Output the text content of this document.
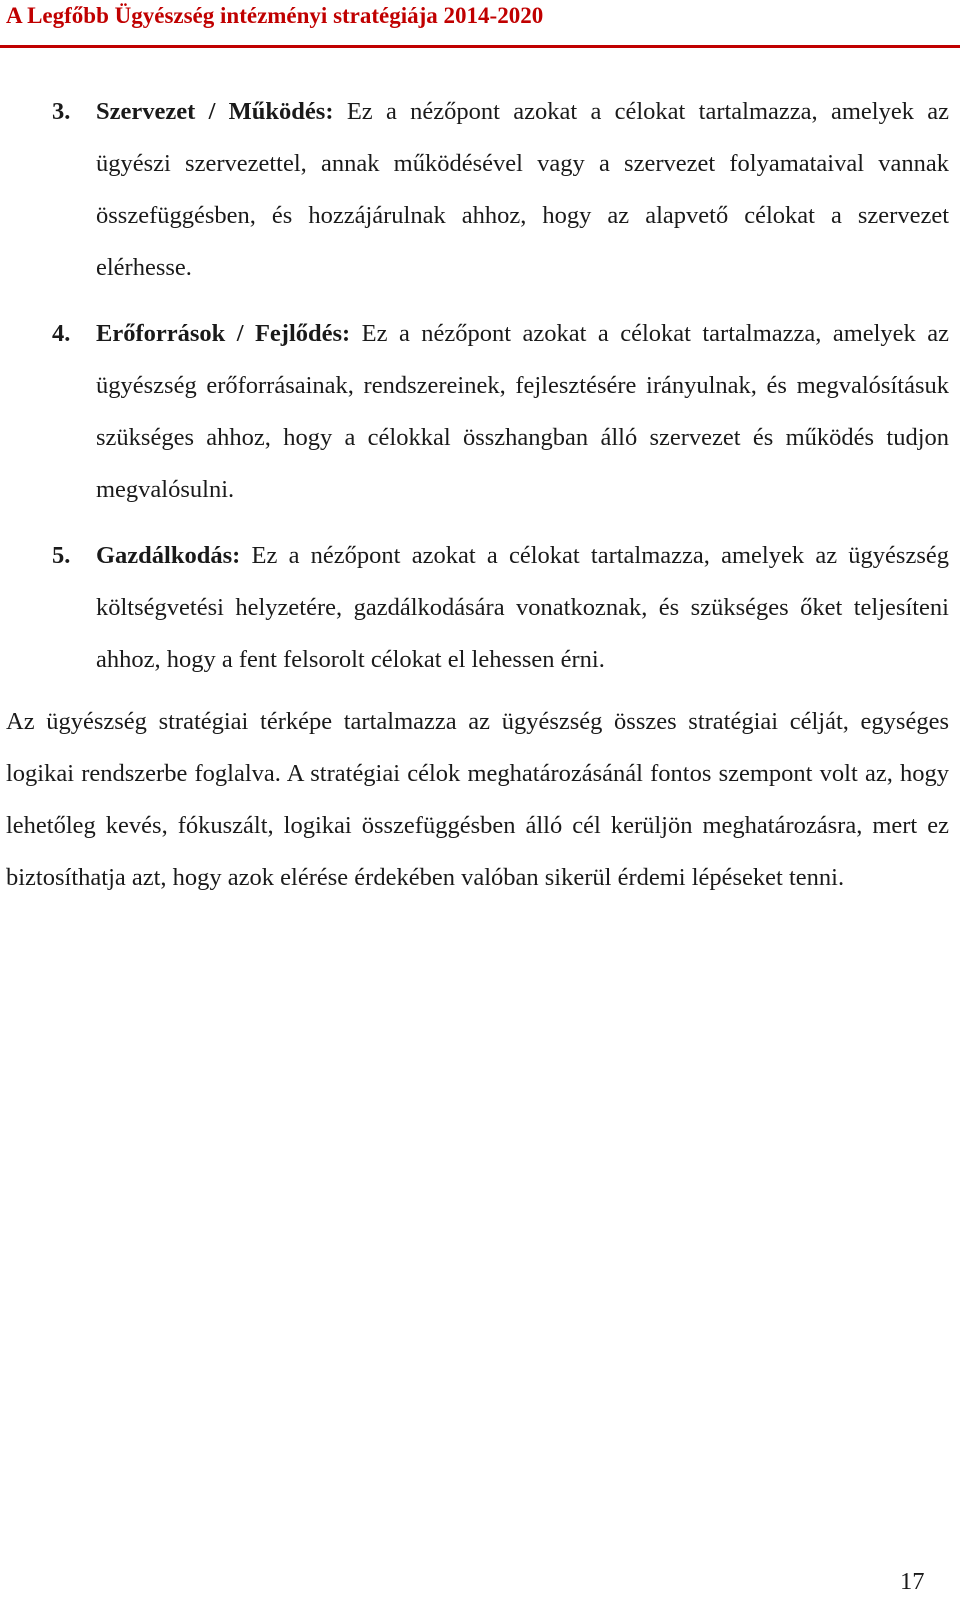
A Legfőbb Ügyészség intézményi stratégiája 2014-2020
3. Szervezet / Működés: Ez a nézőpont azokat a célokat tartalmazza, amelyek az ügyészi szervezettel, annak működésével vagy a szervezet folyamataival vannak összefüggésben, és hozzájárulnak ahhoz, hogy az alapvető célokat a szervezet elérhesse.
4. Erőforrások / Fejlődés: Ez a nézőpont azokat a célokat tartalmazza, amelyek az ügyészség erőforrásainak, rendszereinek, fejlesztésére irányulnak, és megvalósításuk szükséges ahhoz, hogy a célokkal összhangban álló szervezet és működés tudjon megvalósulni.
5. Gazdálkodás: Ez a nézőpont azokat a célokat tartalmazza, amelyek az ügyészség költségvetési helyzetére, gazdálkodására vonatkoznak, és szükséges őket teljesíteni ahhoz, hogy a fent felsorolt célokat el lehessen érni.
Az ügyészség stratégiai térképe tartalmazza az ügyészség összes stratégiai célját, egységes logikai rendszerbe foglalva. A stratégiai célok meghatározásánál fontos szempont volt az, hogy lehetőleg kevés, fókuszált, logikai összefüggésben álló cél kerüljön meghatározásra, mert ez biztosíthatja azt, hogy azok elérése érdekében valóban sikerül érdemi lépéseket tenni.
17
